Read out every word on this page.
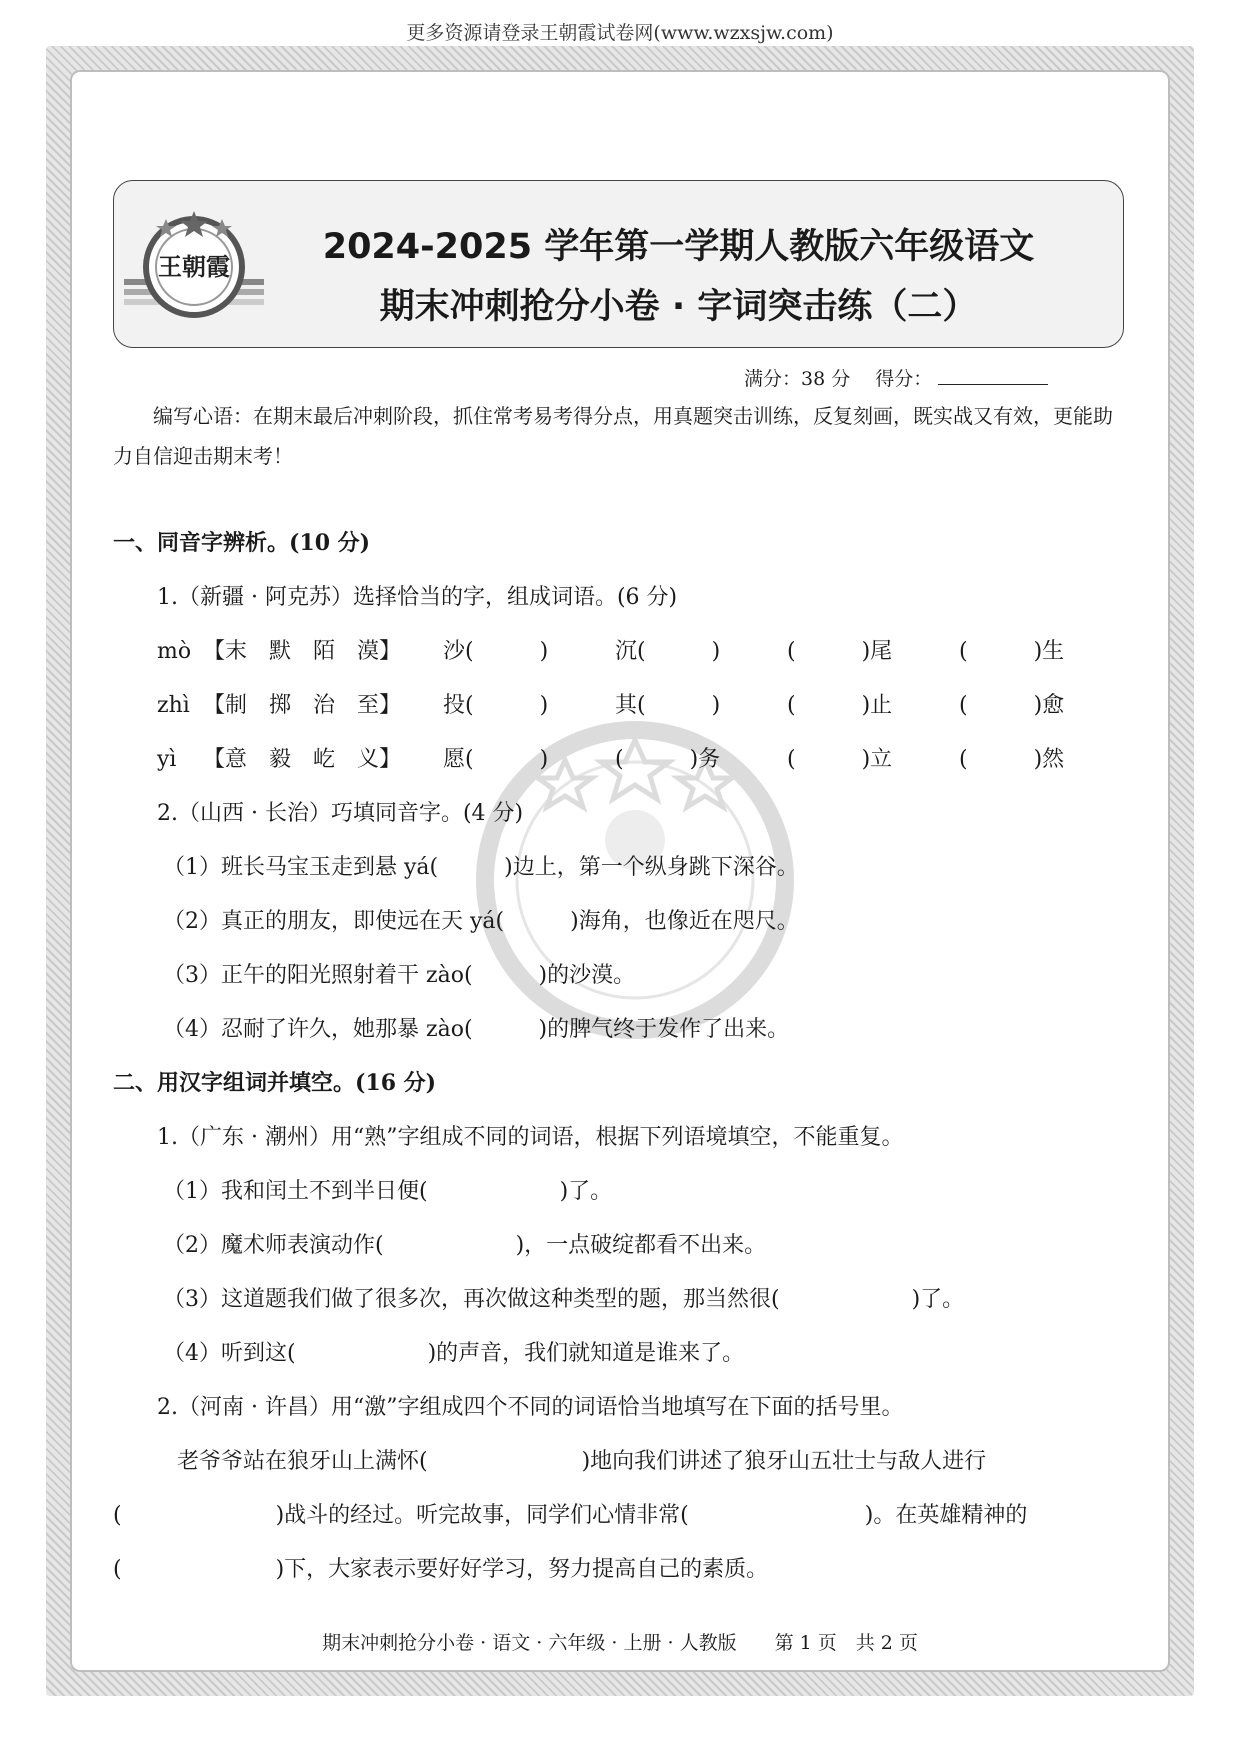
更多资源请登录王朝霞试卷网(www.wzxsjw.com)
王朝霞	2024-2025 学年第一学期人教版六年级语文
期末冲刺抢分小卷 · 字词突击练（二）
满分：38 分　 得分：
编写心语：在期末最后冲刺阶段，抓住常考易考得分点，用真题突击训练，反复刻画，既实战又有效，更能助力自信迎击期末考！
一、同音字辨析。(10 分)
1.（新疆 · 阿克苏）选择恰当的字，组成词语。(6 分)
mò 【末　默　陌　漠】 沙(　　　)	沉(　　　)	(　　　)尾	(　　　)生
zhì 【制　掷　治　至】 投(　　　)	其(　　　)	(　　　)止	(　　　)愈
yì 【意　毅　屹　义】 愿(　　　)	(　　　)务	(　　　)立	(　　　)然
2.（山西 · 长治）巧填同音字。(4 分)
（1）班长马宝玉走到悬 yá(　　　)边上，第一个纵身跳下深谷。
（2）真正的朋友，即使远在天 yá(　　　)海角，也像近在咫尺。
（3）正午的阳光照射着干 zào(　　　)的沙漠。
（4）忍耐了许久，她那暴 zào(　　　)的脾气终于发作了出来。
二、用汉字组词并填空。(16 分)
1.（广东 · 潮州）用“熟”字组成不同的词语，根据下列语境填空，不能重复。
（1）我和闰土不到半日便(　　　　　　)了。
（2）魔术师表演动作(　　　　　　)，一点破绽都看不出来。
（3）这道题我们做了很多次，再次做这种类型的题，那当然很(　　　　　　)了。
（4）听到这(　　　　　　)的声音，我们就知道是谁来了。
2.（河南 · 许昌）用“激”字组成四个不同的词语恰当地填写在下面的括号里。
老爷爷站在狼牙山上满怀(　　　　　　　)地向我们讲述了狼牙山五壮士与敌人进行
(　　　　　　　)战斗的经过。听完故事，同学们心情非常(　　　　　　　　)。在英雄精神的
(　　　　　　　)下，大家表示要好好学习，努力提高自己的素质。
期末冲刺抢分小卷 · 语文 · 六年级 · 上册 · 人教版　　第 1 页　共 2 页
